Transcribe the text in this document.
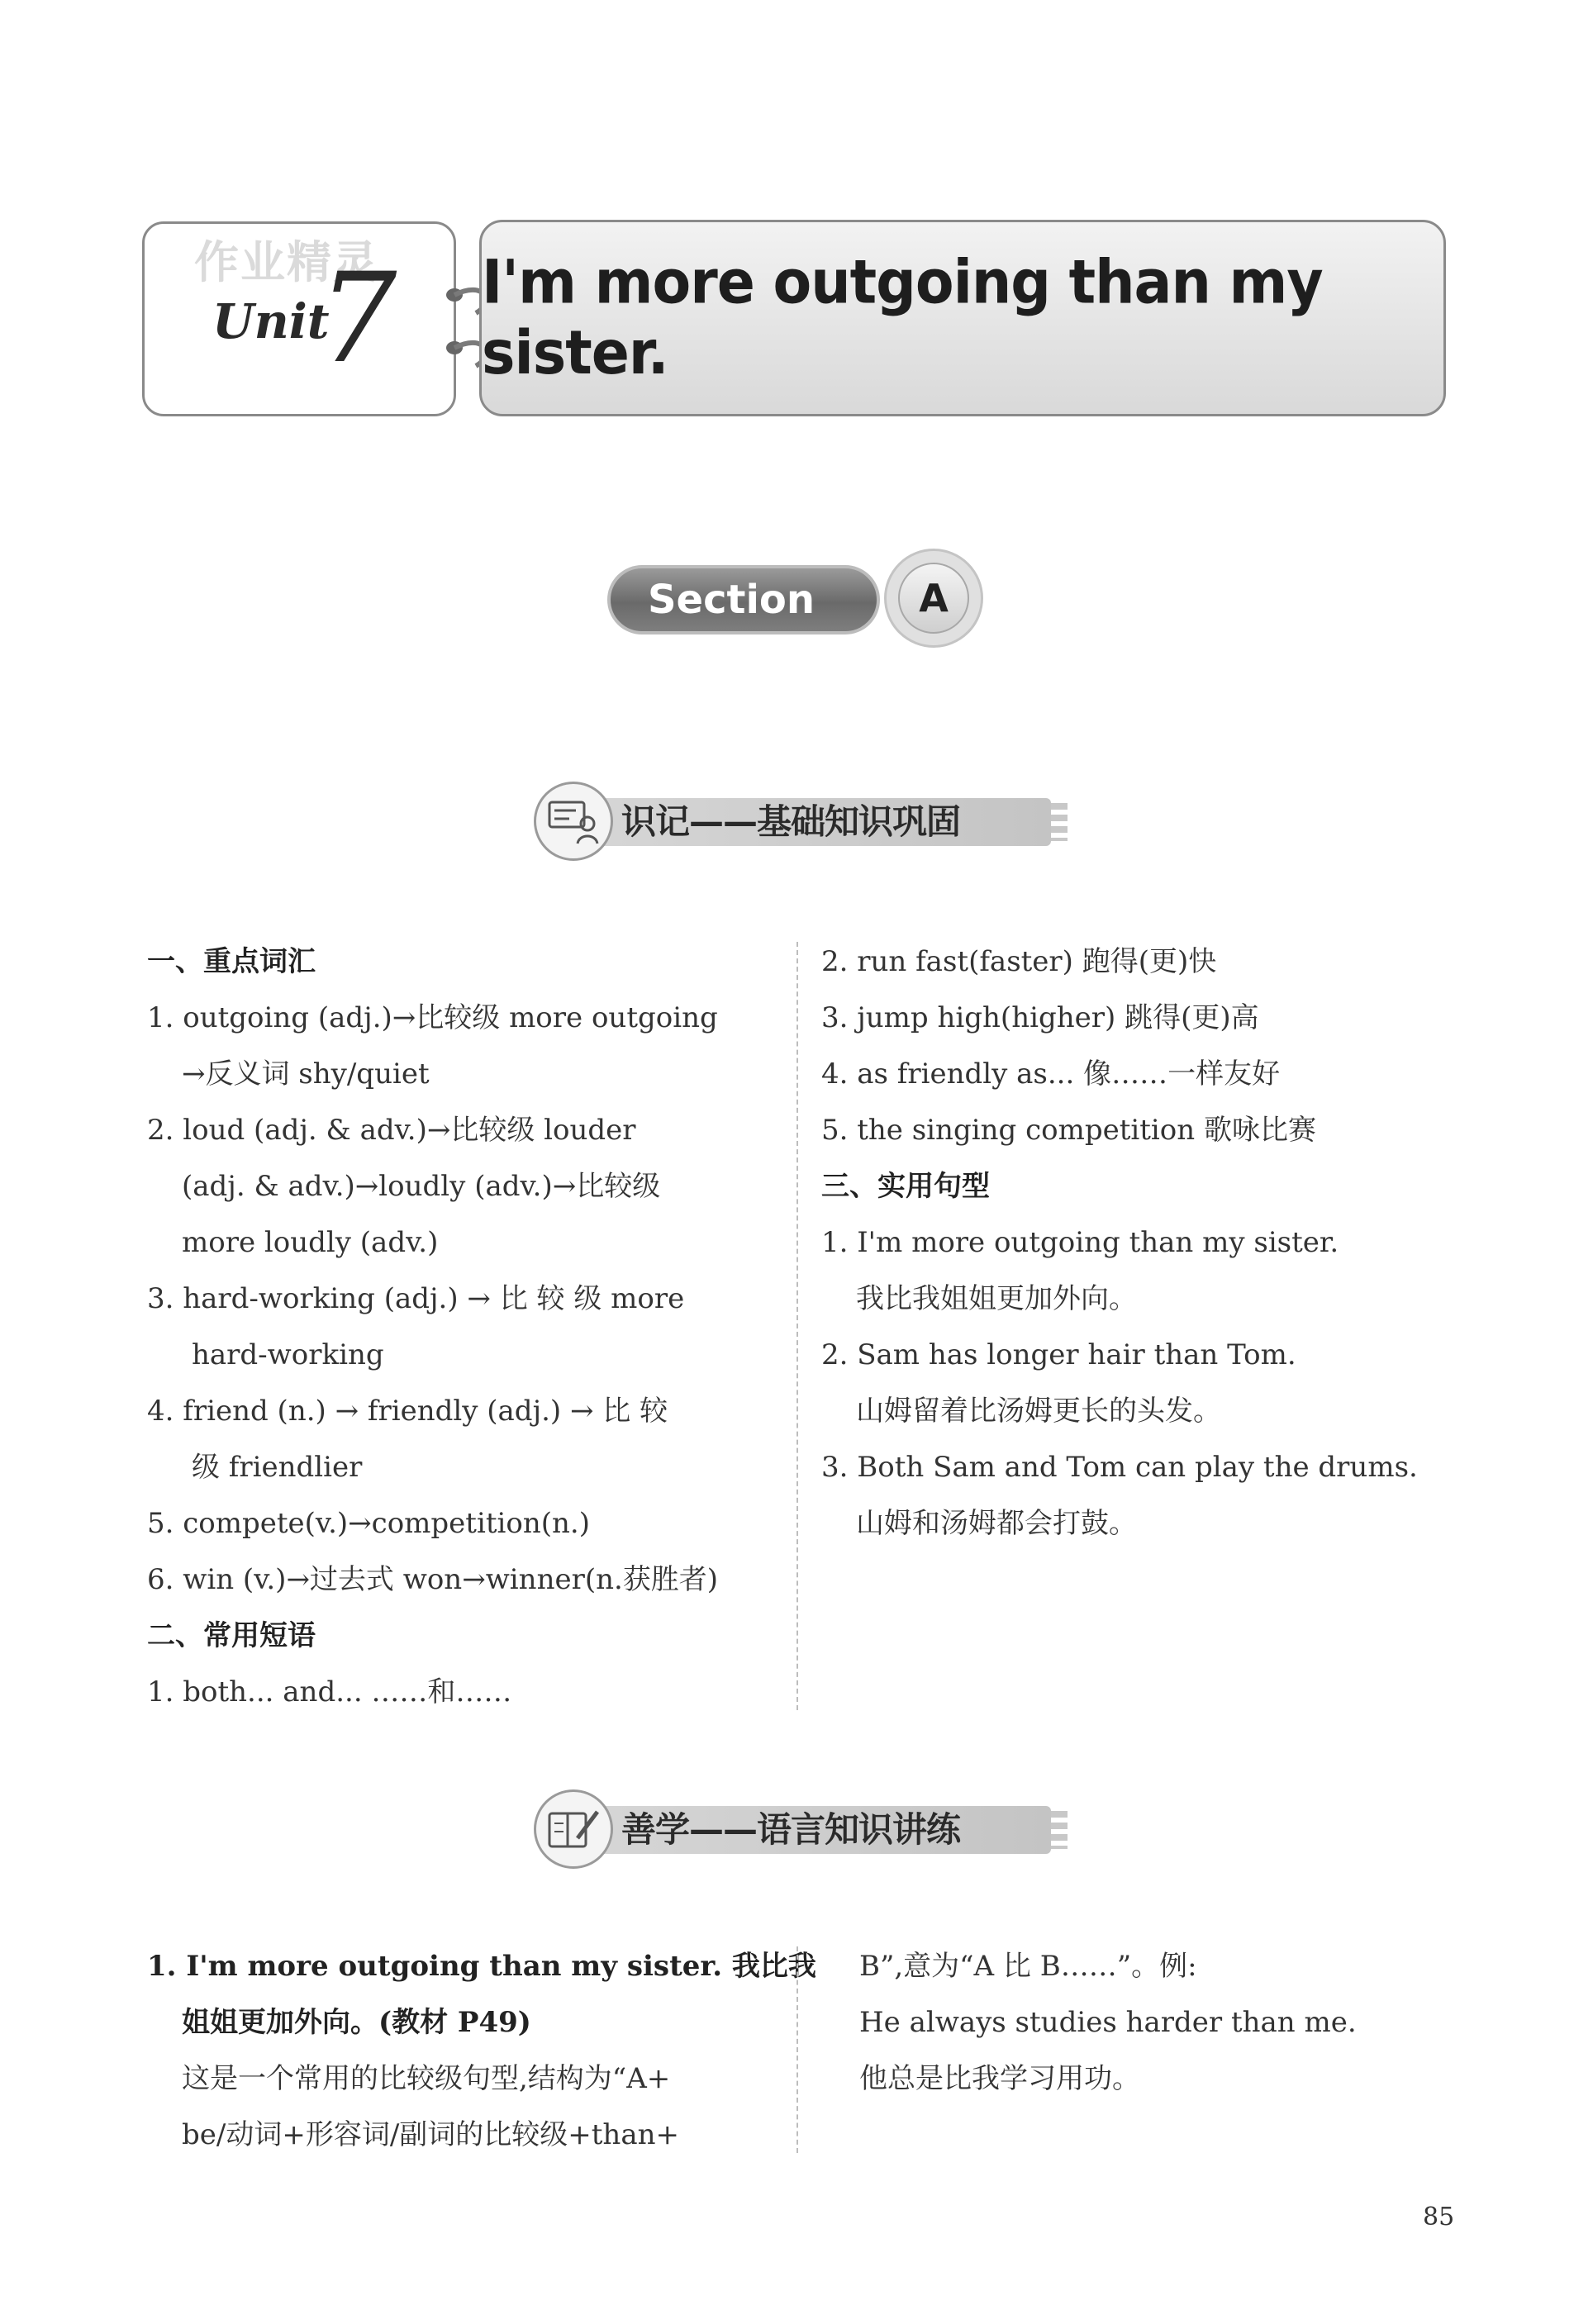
作业精灵
Unit
7 I'm more outgoing than my sister.
Section	A
识记——基础知识巩固
一、重点词汇
1. outgoing (adj.)→比较级 more outgoing
→反义词 shy/quiet
2. loud (adj. & adv.)→比较级 louder
(adj. & adv.)→loudly (adv.)→比较级
more loudly (adv.)
3. hard-working (adj.) → 比 较 级 more
hard-working
4. friend (n.) → friendly (adj.) → 比 较
级 friendlier
5. compete(v.)→competition(n.)
6. win (v.)→过去式 won→winner(n.获胜者)
二、常用短语
1. both... and... ……和……
2. run fast(faster) 跑得(更)快
3. jump high(higher) 跳得(更)高
4. as friendly as... 像……一样友好
5. the singing competition 歌咏比赛
三、实用句型
1. I'm more outgoing than my sister.
我比我姐姐更加外向。
2. Sam has longer hair than Tom.
山姆留着比汤姆更长的头发。
3. Both Sam and Tom can play the drums.
山姆和汤姆都会打鼓。
善学——语言知识讲练
1. I'm more outgoing than my sister. 我比我
姐姐更加外向。(教材 P49)
这是一个常用的比较级句型,结构为“A+
be/动词+形容词/副词的比较级+than+
B”,意为“A 比 B……”。例:
He always studies harder than me.
他总是比我学习用功。
85
